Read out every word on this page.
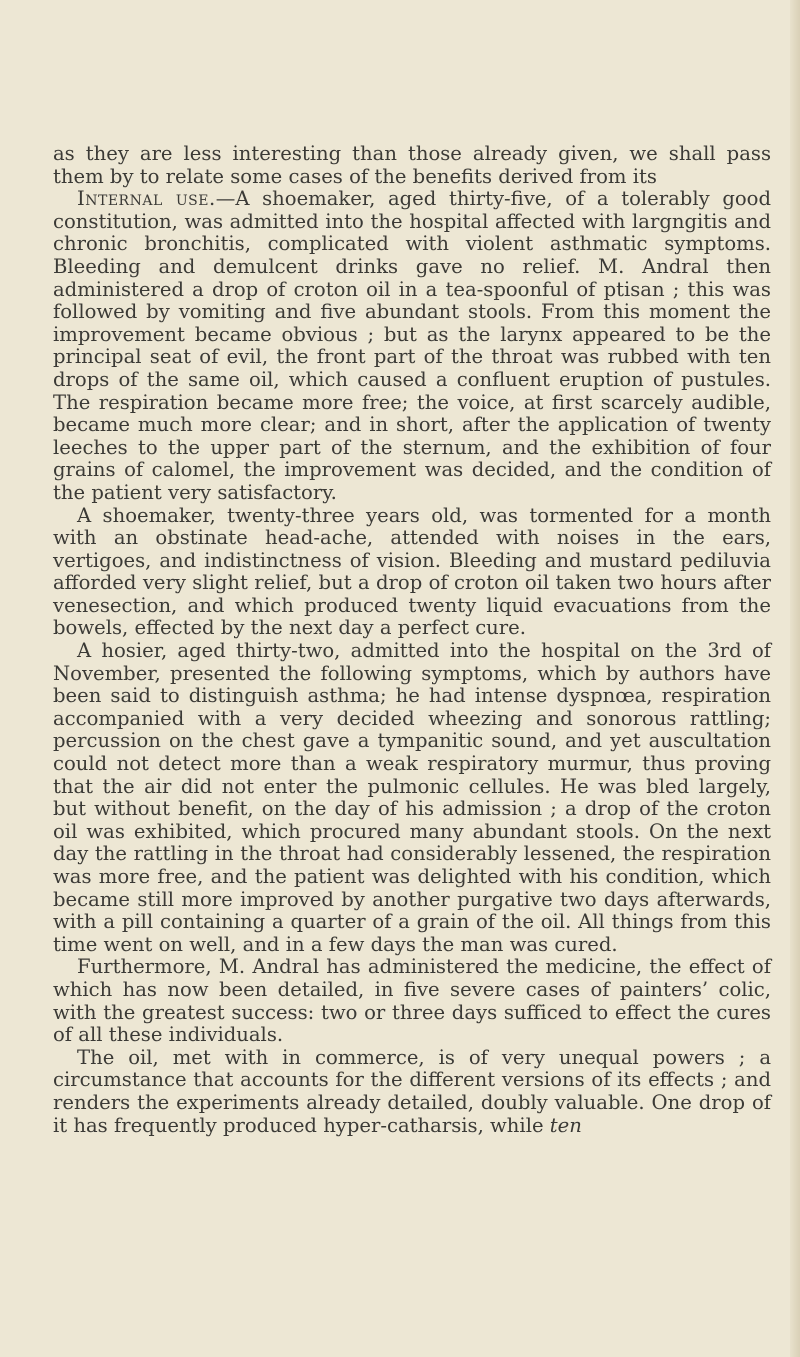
as they are less interesting than those already given, we shall pass them by to relate some cases of the benefits derived from its

Internal use.—A shoemaker, aged thirty-five, of a tolerably good constitution, was admitted into the hospital affected with largngitis and chronic bronchitis, complicated with violent asthmatic symptoms. Bleeding and demulcent drinks gave no relief. M. Andral then administered a drop of croton oil in a tea-spoonful of ptisan ; this was followed by vomiting and five abundant stools. From this moment the improvement became obvious ; but as the larynx appeared to be the principal seat of evil, the front part of the throat was rubbed with ten drops of the same oil, which caused a confluent eruption of pustules. The respiration became more free; the voice, at first scarcely audible, became much more clear; and in short, after the application of twenty leeches to the upper part of the sternum, and the exhibition of four grains of calomel, the improvement was decided, and the condition of the patient very satisfactory.

A shoemaker, twenty-three years old, was tormented for a month with an obstinate head-ache, attended with noises in the ears, vertigoes, and indistinctness of vision. Bleeding and mustard pediluvia afforded very slight relief, but a drop of croton oil taken two hours after venesection, and which produced twenty liquid evacuations from the bowels, effected by the next day a perfect cure.

A hosier, aged thirty-two, admitted into the hospital on the 3rd of November, presented the following symptoms, which by authors have been said to distinguish asthma; he had intense dyspnœa, respiration accompanied with a very decided wheezing and sonorous rattling; percussion on the chest gave a tympanitic sound, and yet auscultation could not detect more than a weak respiratory murmur, thus proving that the air did not enter the pulmonic cellules. He was bled largely, but without benefit, on the day of his admission ; a drop of the croton oil was exhibited, which procured many abundant stools. On the next day the rattling in the throat had considerably lessened, the respiration was more free, and the patient was delighted with his condition, which became still more improved by another purgative two days afterwards, with a pill containing a quarter of a grain of the oil. All things from this time went on well, and in a few days the man was cured.

Furthermore, M. Andral has administered the medicine, the effect of which has now been detailed, in five severe cases of painters’ colic, with the greatest success: two or three days sufficed to effect the cures of all these individuals.

The oil, met with in commerce, is of very unequal powers ; a circumstance that accounts for the different versions of its effects ; and renders the experiments already detailed, doubly valuable. One drop of it has frequently produced hyper-catharsis, while ten
